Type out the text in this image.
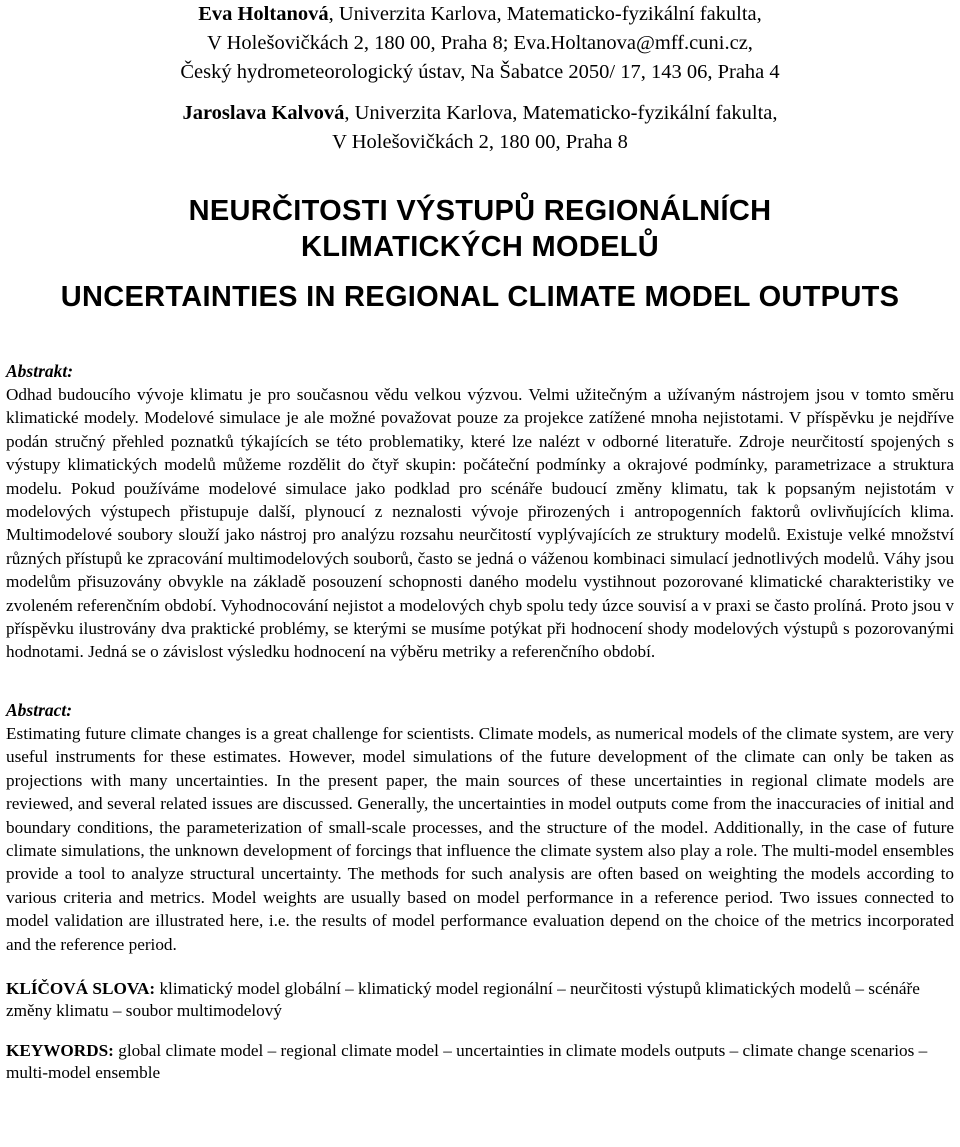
Eva Holtanová, Univerzita Karlova, Matematicko-fyzikální fakulta,
V Holešovičkách 2, 180 00, Praha 8; Eva.Holtanova@mff.cuni.cz,
Český hydrometeorologický ústav, Na Šabatce 2050/ 17, 143 06, Praha 4
Jaroslava Kalvová, Univerzita Karlova, Matematicko-fyzikální fakulta,
V Holešovičkách 2, 180 00, Praha 8
NEURČITOSTI VÝSTUPŮ REGIONÁLNÍCH
KLIMATICKÝCH MODELŮ
UNCERTAINTIES IN REGIONAL CLIMATE MODEL OUTPUTS
Abstrakt:

Odhad budoucího vývoje klimatu je pro současnou vědu velkou výzvou. Velmi užitečným a užívaným nástrojem jsou v tomto směru klimatické modely. Modelové simulace je ale možné považovat pouze za projekce zatížené mnoha nejistotami. V příspěvku je nejdříve podán stručný přehled poznatků týkajících se této problematiky, které lze nalézt v odborné literatuře. Zdroje neurčitostí spojených s výstupy klimatických modelů můžeme rozdělit do čtyř skupin: počáteční podmínky a okrajové podmínky, parametrizace a struktura modelu. Pokud používáme modelové simulace jako podklad pro scénáře budoucí změny klimatu, tak k popsaným nejistotám v modelových výstupech přistupuje další, plynoucí z neznalosti vývoje přirozených i antropogenních faktorů ovlivňujících klima. Multimodelové soubory slouží jako nástroj pro analýzu rozsahu neurčitostí vyplývajících ze struktury modelů. Existuje velké množství různých přístupů ke zpracování multimodelových souborů, často se jedná o váženou kombinaci simulací jednotlivých modelů. Váhy jsou modelům přisuzovány obvykle na základě posouzení schopnosti daného modelu vystihnout pozorované klimatické charakteristiky ve zvoleném referenčním období. Vyhodnocování nejistot a modelových chyb spolu tedy úzce souvisí a v praxi se často prolíná. Proto jsou v příspěvku ilustrovány dva praktické problémy, se kterými se musíme potýkat při hodnocení shody modelových výstupů s pozorovanými hodnotami. Jedná se o závislost výsledku hodnocení na výběru metriky a referenčního období.

Abstract:

Estimating future climate changes is a great challenge for scientists. Climate models, as numerical models of the climate system, are very useful instruments for these estimates. However, model simulations of the future development of the climate can only be taken as projections with many uncertainties. In the present paper, the main sources of these uncertainties in regional climate models are reviewed, and several related issues are discussed. Generally, the uncertainties in model outputs come from the inaccuracies of initial and boundary conditions, the parameterization of small-scale processes, and the structure of the model. Additionally, in the case of future climate simulations, the unknown development of forcings that influence the climate system also play a role. The multi-model ensembles provide a tool to analyze structural uncertainty. The methods for such analysis are often based on weighting the models according to various criteria and metrics. Model weights are usually based on model performance in a reference period. Two issues connected to model validation are illustrated here, i.e. the results of model performance evaluation depend on the choice of the metrics incorporated and the reference period.

KLÍČOVÁ SLOVA: klimatický model globální – klimatický model regionální – neurčitosti výstupů klimatických modelů – scénáře změny klimatu – soubor multimodelový

KEYWORDS: global climate model – regional climate model – uncertainties in climate models outputs – climate change scenarios – multi-model ensemble
